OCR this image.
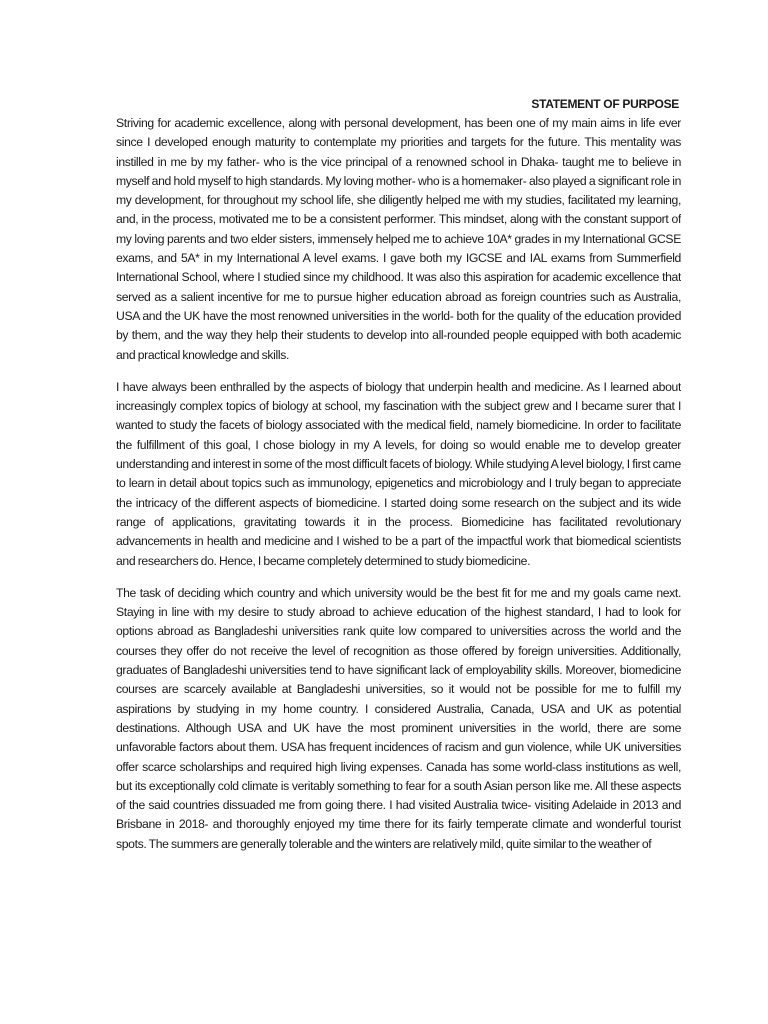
STATEMENT OF PURPOSE

Striving for academic excellence, along with personal development, has been one of my main aims in life ever since I developed enough maturity to contemplate my priorities and targets for the future. This mentality was instilled in me by my father- who is the vice principal of a renowned school in Dhaka- taught me to believe in myself and hold myself to high standards. My loving mother- who is a homemaker- also played a significant role in my development, for throughout my school life, she diligently helped me with my studies, facilitated my learning, and, in the process, motivated me to be a consistent performer. This mindset, along with the constant support of my loving parents and two elder sisters, immensely helped me to achieve 10A* grades in my International GCSE exams, and 5A* in my International A level exams. I gave both my IGCSE and IAL exams from Summerfield International School, where I studied since my childhood. It was also this aspiration for academic excellence that served as a salient incentive for me to pursue higher education abroad as foreign countries such as Australia, USA and the UK have the most renowned universities in the world- both for the quality of the education provided by them, and the way they help their students to develop into all-rounded people equipped with both academic and practical knowledge and skills.

I have always been enthralled by the aspects of biology that underpin health and medicine. As I learned about increasingly complex topics of biology at school, my fascination with the subject grew and I became surer that I wanted to study the facets of biology associated with the medical field, namely biomedicine. In order to facilitate the fulfillment of this goal, I chose biology in my A levels, for doing so would enable me to develop greater understanding and interest in some of the most difficult facets of biology. While studying A level biology, I first came to learn in detail about topics such as immunology, epigenetics and microbiology and I truly began to appreciate the intricacy of the different aspects of biomedicine. I started doing some research on the subject and its wide range of applications, gravitating towards it in the process. Biomedicine has facilitated revolutionary advancements in health and medicine and I wished to be a part of the impactful work that biomedical scientists and researchers do. Hence, I became completely determined to study biomedicine.

The task of deciding which country and which university would be the best fit for me and my goals came next. Staying in line with my desire to study abroad to achieve education of the highest standard, I had to look for options abroad as Bangladeshi universities rank quite low compared to universities across the world and the courses they offer do not receive the level of recognition as those offered by foreign universities. Additionally, graduates of Bangladeshi universities tend to have significant lack of employability skills. Moreover, biomedicine courses are scarcely available at Bangladeshi universities, so it would not be possible for me to fulfill my aspirations by studying in my home country. I considered Australia, Canada, USA and UK as potential destinations. Although USA and UK have the most prominent universities in the world, there are some unfavorable factors about them. USA has frequent incidences of racism and gun violence, while UK universities offer scarce scholarships and required high living expenses. Canada has some world-class institutions as well, but its exceptionally cold climate is veritably something to fear for a south Asian person like me. All these aspects of the said countries dissuaded me from going there. I had visited Australia twice- visiting Adelaide in 2013 and Brisbane in 2018- and thoroughly enjoyed my time there for its fairly temperate climate and wonderful tourist spots. The summers are generally tolerable and the winters are relatively mild, quite similar to the weather of
